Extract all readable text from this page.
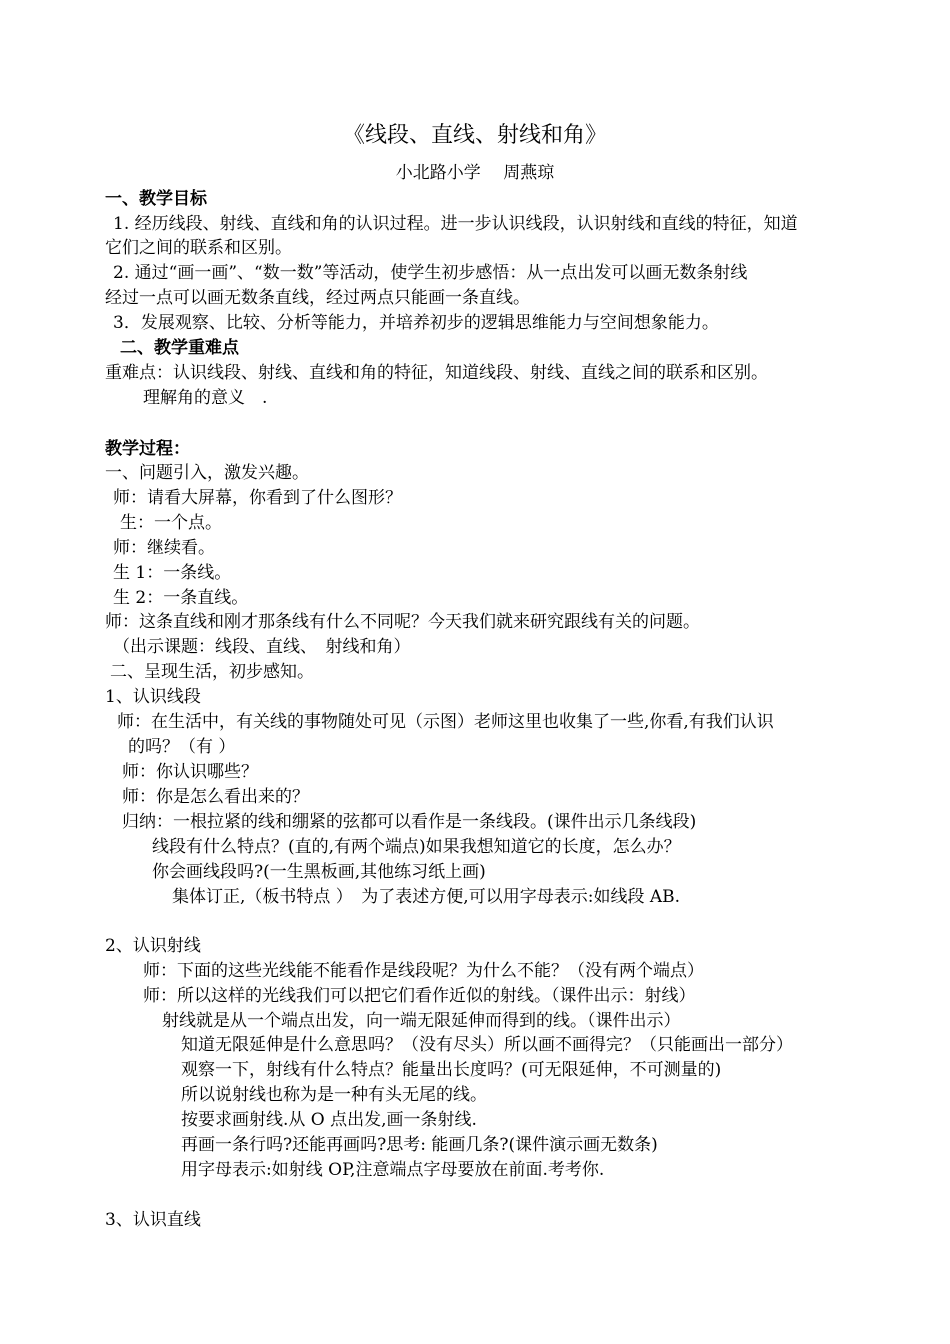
《线段、直线、射线和角》
小北路小学　 周燕琼
一、教学目标
1. 经历线段、射线、直线和角的认识过程。进一步认识线段，认识射线和直线的特征，知道
它们之间的联系和区别。
2. 通过“画一画”、“数一数”等活动，使学生初步感悟：从一点出发可以画无数条射线
经过一点可以画无数条直线，经过两点只能画一条直线。
3．发展观察、比较、分析等能力，并培养初步的逻辑思维能力与空间想象能力。
二、教学重难点
重难点：认识线段、射线、直线和角的特征，知道线段、射线、直线之间的联系和区别。
理解角的意义　.
教学过程：
一、问题引入，激发兴趣。
师：请看大屏幕，你看到了什么图形？
生：一个点。
师：继续看。
生 1：一条线。
生 2：一条直线。
师：这条直线和刚才那条线有什么不同呢？今天我们就来研究跟线有关的问题。
（出示课题：线段、直线、　射线和角）
二、呈现生活，初步感知。
1、认识线段
师：在生活中，有关线的事物随处可见（示图）老师这里也收集了一些,你看,有我们认识
的吗？（有 ）
师：你认识哪些？
师：你是怎么看出来的？
归纳：一根拉紧的线和绷紧的弦都可以看作是一条线段。(课件出示几条线段)
线段有什么特点？(直的,有两个端点)如果我想知道它的长度，怎么办？
你会画线段吗?(一生黑板画,其他练习纸上画)
集体订正,（板书特点 ）　为了表述方便,可以用字母表示:如线段 AB.
2、认识射线
师：下面的这些光线能不能看作是线段呢？为什么不能？（没有两个端点）
师：所以这样的光线我们可以把它们看作近似的射线。（课件出示：射线）
射线就是从一个端点出发，向一端无限延伸而得到的线。（课件出示）
知道无限延伸是什么意思吗？（没有尽头）所以画不画得完？（只能画出一部分）
观察一下，射线有什么特点？能量出长度吗？(可无限延伸，不可测量的)
所以说射线也称为是一种有头无尾的线。
按要求画射线.从 O 点出发,画一条射线.
再画一条行吗?还能再画吗?思考: 能画几条?(课件演示画无数条)
用字母表示:如射线 OP,注意端点字母要放在前面.考考你.
3、认识直线
